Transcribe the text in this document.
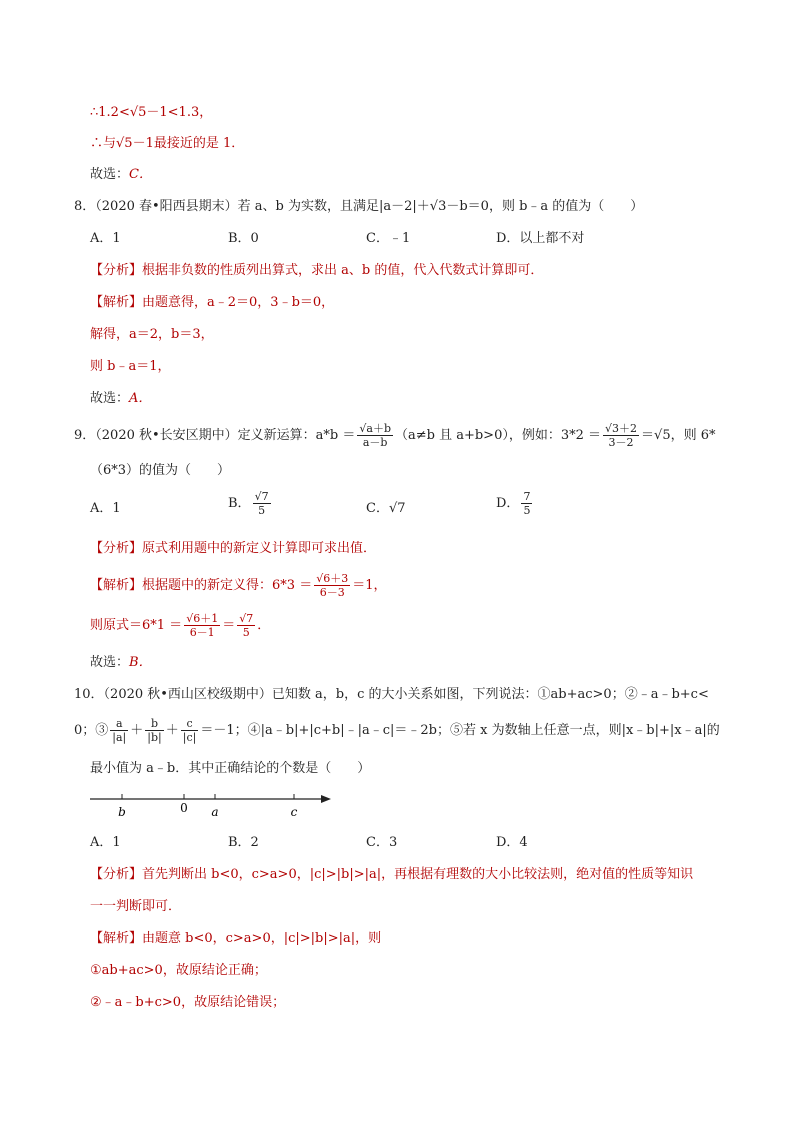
∴1.2<√5－1<1.3，
∴与√5－1最接近的是 1．
故选：C．
8．（2020 春•阳西县期末）若 a、b 为实数，且满足|a－2|＋√3－b＝0，则 b﹣a 的值为（　　）
A．1	B．0	C．﹣1	D．以上都不对
【分析】根据非负数的性质列出算式，求出 a、b 的值，代入代数式计算即可．
【解析】由题意得，a﹣2＝0，3﹣b＝0，
解得，a＝2，b＝3，
则 b﹣a＝1，
故选：A．
9．（2020 秋•长安区期中）定义新运算：$a*b = \frac{√a+b}{a-b} (a\ne b$ 且 a+b>0），例如：$3*2 = \frac{√3+2}{3-2} =√5$，则 6*
（6*3）的值为（　　）
A．1	B． $\frac{√7}{5}$	C．√7	D． $\frac{7}{5}$
【分析】原式利用题中的新定义计算即可求出值．
【解析】根据题中的新定义得：$6*3 = \frac{√6+3}{6-3} =1$，
则原式$=6*1 = \frac{√6+1}{6-1} = \frac{√7}{5}$ ．
故选：B．
10．（2020 秋•西山区校级期中）已知数 a，b，c 的大小关系如图，下列说法：①ab+ac>0；②﹣a﹣b+c<
0；③ $\frac{a}{|a|} + \frac{b}{|b|} + \frac{c}{|c|} =-1$；④|a﹣b|+|c+b|﹣|a﹣c|＝﹣2b；⑤若 x 为数轴上任意一点，则|x﹣b|+|x﹣a|的
最小值为 a﹣b．其中正确结论的个数是（　　）
b	0 a	c
A．1	B．2	C．3	D．4
【分析】首先判断出 b<0，c>a>0，|c|>|b|>|a|，再根据有理数的大小比较法则，绝对值的性质等知识
一一判断即可．
【解析】由题意 b<0，c>a>0，|c|>|b|>|a|，则
①ab+ac>0，故原结论正确；
②﹣a﹣b+c>0，故原结论错误；
